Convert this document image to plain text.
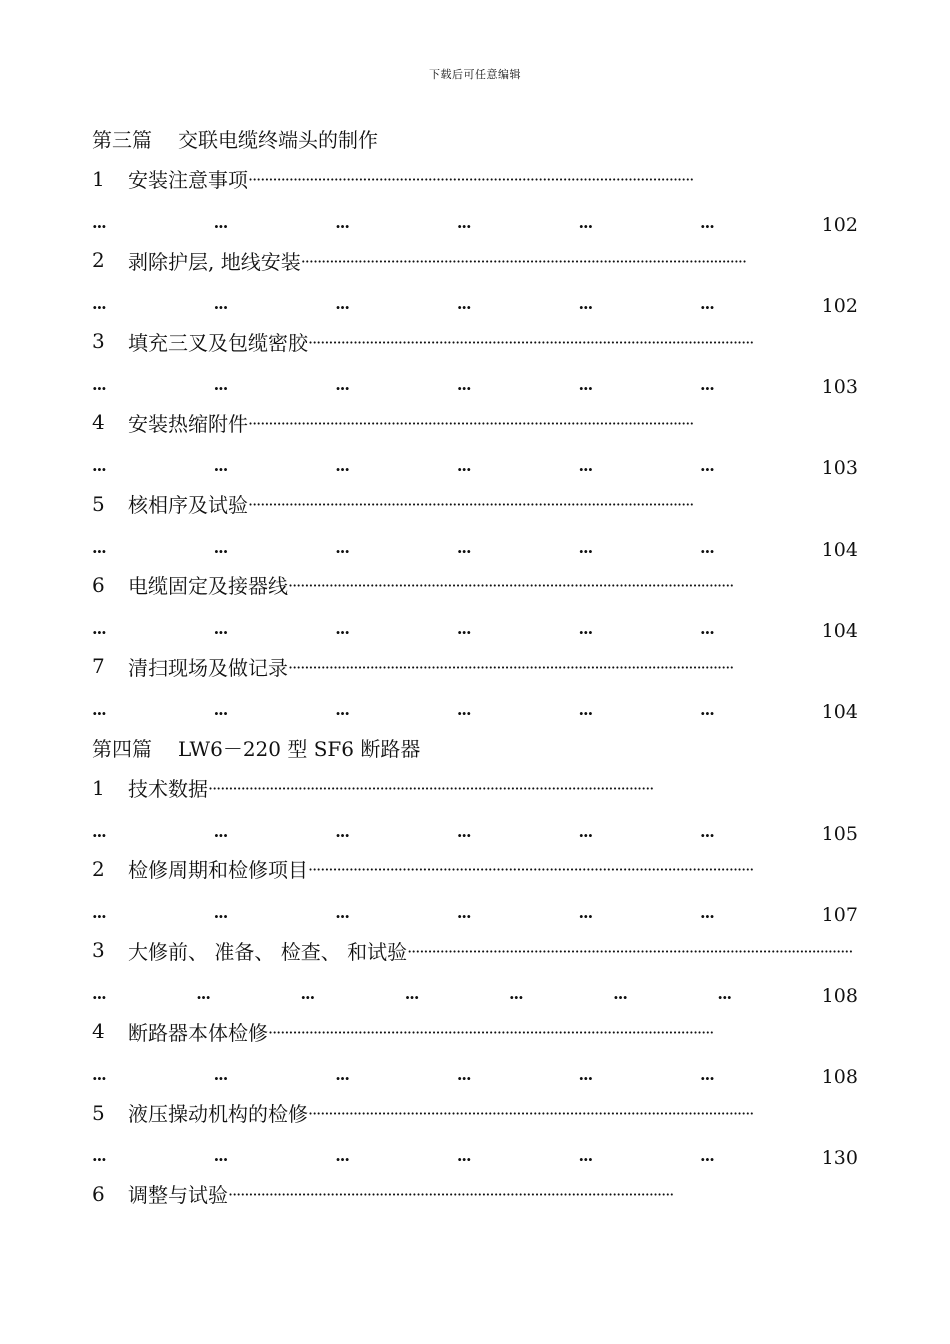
下载后可任意编辑
第三篇 交联电缆终端头的制作
1	安装注意事项 ·············································································································
···	···	···	···	···	···	102
2	剥除护层, 地线安装 ·············································································································
···	···	···	···	···	···	102
3	填充三叉及包缆密胶 ·············································································································
···	···	···	···	···	···	103
4	安装热缩附件 ·············································································································
···	···	···	···	···	···	103
5	核相序及试验 ·············································································································
···	···	···	···	···	···	104
6	电缆固定及接器线 ·············································································································
···	···	···	···	···	···	104
7	清扫现场及做记录 ·············································································································
···	···	···	···	···	···	104
第四篇 LW6－220 型 SF6 断路器
1	技术数据 ·············································································································
···	···	···	···	···	···	105
2	检修周期和检修项目 ·············································································································
···	···	···	···	···	···	107
3	大修前、 准备、 检查、 和试验 ·············································································································
···	···	···	···	···	···	···	108
4	断路器本体检修 ·············································································································
···	···	···	···	···	···	108
5	液压操动机构的检修 ·············································································································
···	···	···	···	···	···	130
6	调整与试验 ·············································································································
